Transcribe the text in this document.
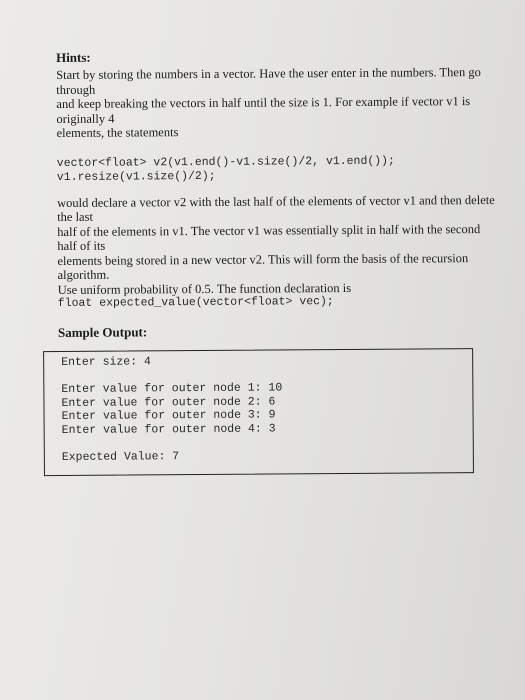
Hints:

Start by storing the numbers in a vector. Have the user enter in the numbers. Then go through

and keep breaking the vectors in half until the size is 1. For example if vector v1 is originally 4

elements, the statements

vector<float> v2(v1.end()-v1.size()/2, v1.end());

v1.resize(v1.size()/2);

would declare a vector v2 with the last half of the elements of vector v1 and then delete the last

half of the elements in v1. The vector v1 was essentially split in half with the second half of its

elements being stored in a new vector v2. This will form the basis of the recursion algorithm.

Use uniform probability of 0.5. The function declaration is

float expected_value(vector<float> vec);

Sample Output:

Enter size: 4

Enter value for outer node 1: 10

Enter value for outer node 2: 6

Enter value for outer node 3: 9

Enter value for outer node 4: 3

Expected Value: 7
